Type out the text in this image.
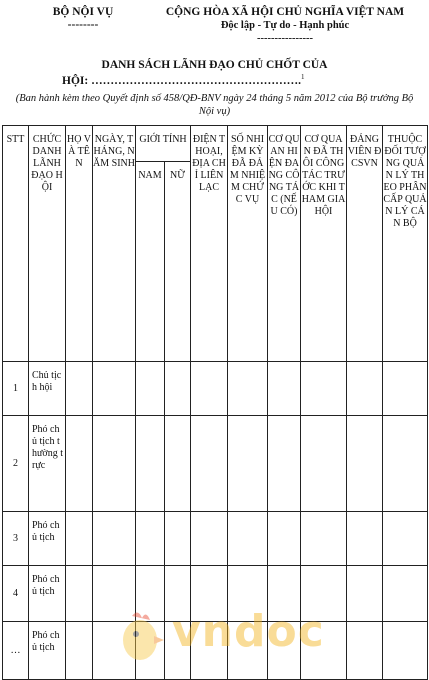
BỘ NỘI VỤ
--------
CỘNG HÒA XÃ HỘI CHỦ NGHĨA VIỆT NAM
Độc lập - Tự do - Hạnh phúc
----------------
DANH SÁCH LÃNH ĐẠO CHỦ CHỐT CỦA
HỘI: ……………………………………………….$^1$
(Ban hành kèm theo Quyết định số 458/QĐ-BNV ngày 24 tháng 5 năm 2012 của Bộ trưởng Bộ Nội vụ)
STT	CHỨC DANH LÃNH ĐẠO HỘI	HỌ VÀ TÊN	NGÀY, THÁNG, NĂM SINH	GIỚI TÍNH		ĐIỆN THOẠI, ĐỊA CHỈ LIÊN LẠC	SỐ NHIỆM KỲ ĐÃ ĐẢM NHIỆM CHỨC VỤ	CƠ QUAN HIỆN ĐANG CÔNG TÁC (NẾU CÓ)	CƠ QUAN ĐÃ THÔI CÔNG TÁC TRƯỚC KHI THAM GIA HỘI	ĐẢNG VIÊN ĐCSVN	THUỘC ĐỐI TƯỢNG QUẢN LÝ THEO PHÂN CẤP QUẢN LÝ CÁN BỘ
				NAM	NỮ						
1	Chủ tịch hội										
2	Phó chủ tịch thường trực										
3	Phó chủ tịch										
4	Phó chủ tịch										
…	Phó chủ tịch											vndoc
